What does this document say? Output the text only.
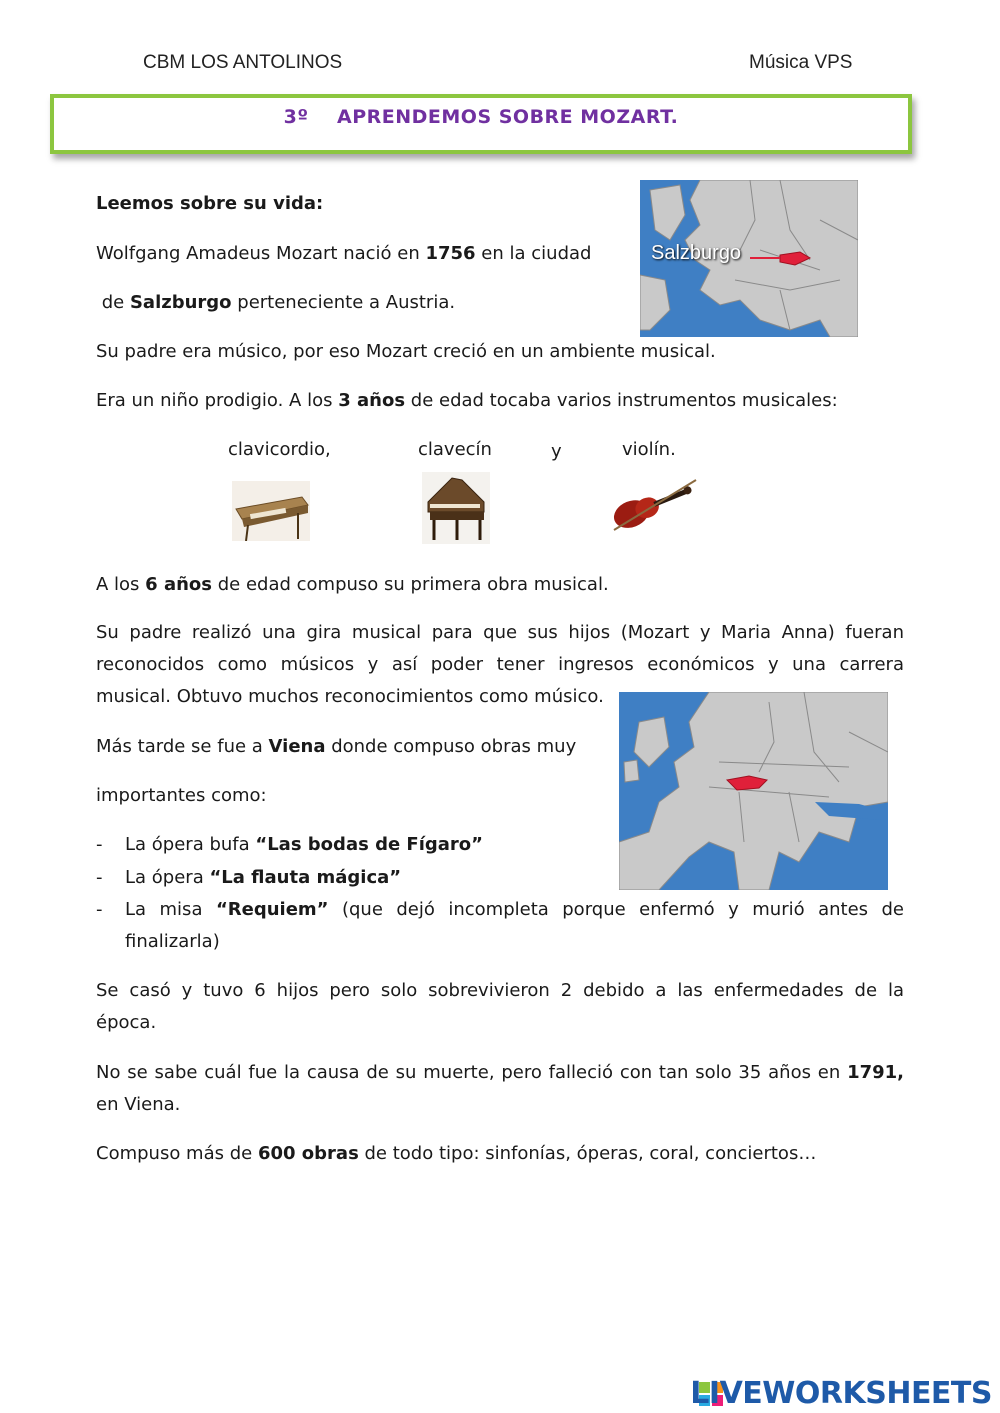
CBM LOS ANTOLINOS	Música VPS
3º    APRENDEMOS SOBRE MOZART.
Salzburgo
Leemos sobre su vida:
Wolfgang Amadeus Mozart nació en 1756 en la ciudad
de Salzburgo perteneciente a Austria.
Su padre era músico, por eso Mozart creció en un ambiente musical.
Era un niño prodigio. A los 3 años de edad tocaba varios instrumentos musicales:
clavicordio,	clavecín	y	violín.
A los 6 años de edad compuso su primera obra musical.
Su padre realizó una gira musical para que sus hijos (Mozart y Maria Anna) fueran
reconocidos como músicos y así poder tener ingresos económicos y una carrera
musical. Obtuvo muchos reconocimientos como músico.
Más tarde se fue a Viena donde compuso obras muy
importantes como:
- La ópera bufa “Las bodas de Fígaro”
- La ópera “La flauta mágica”
-	La misa “Requiem” (que dejó incompleta porque enfermó y murió antes de
finalizarla)
Se casó y tuvo 6 hijos pero solo sobrevivieron 2 debido a las enfermedades de la
época.
No se sabe cuál fue la causa de su muerte, pero falleció con tan solo 35 años en 1791,
en Viena.
Compuso más de 600 obras de todo tipo: sinfonías, óperas, coral, conciertos…
LIVEWORKSHEETS
